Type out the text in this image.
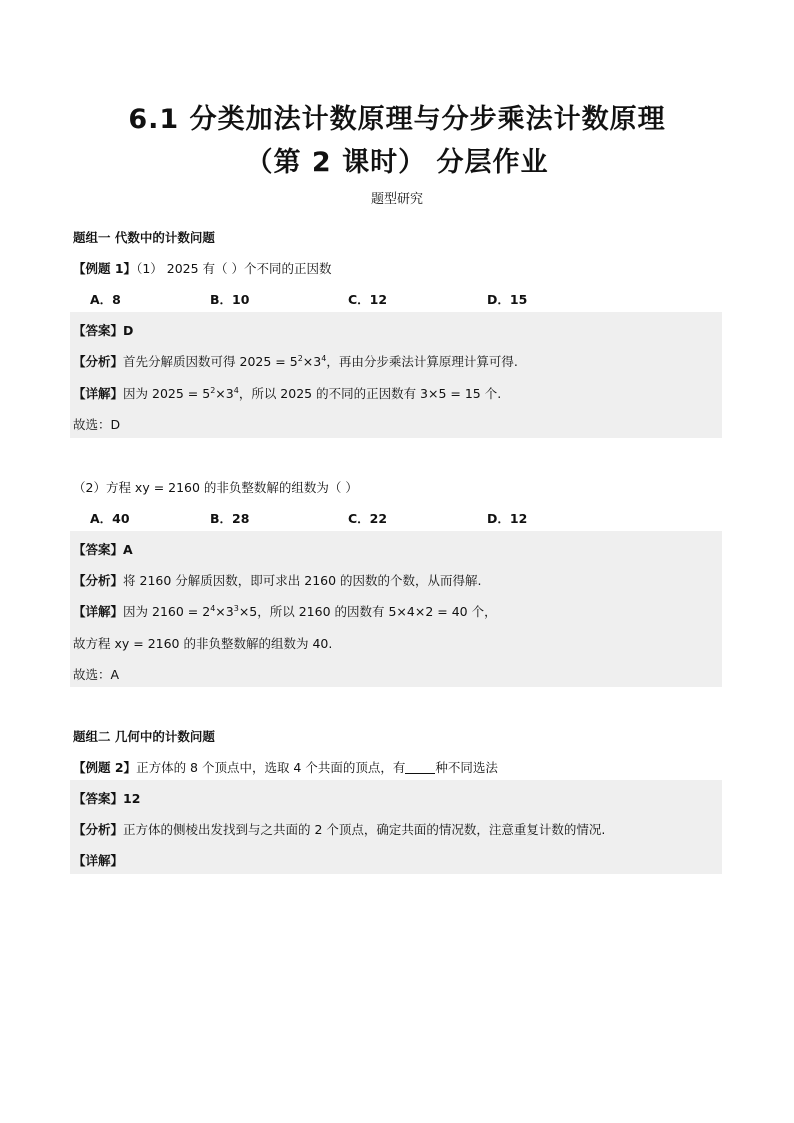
6.1 分类加法计数原理与分步乘法计数原理
（第 2 课时） 分层作业
题型研究
题组一 代数中的计数问题
【例题 1】（1） 2025 有（ ）个不同的正因数
A．8	B．10	C．12	D．15
【答案】D
【分析】首先分解质因数可得 $2025 = 5^2\times 3^4$，再由分步乘法计算原理计算可得.
【详解】因为 $2025 = 5^2\times 3^4$，所以 2025 的不同的正因数有 3×5 = 15 个.
故选：D
（2）方程 xy = 2160 的非负整数解的组数为（ ）
A．40	B．28	C．22	D．12
【答案】A
【分析】将 2160 分解质因数，即可求出 2160 的因数的个数，从而得解.
【详解】因为 $2160 = 2^4\times 3^3\times 5$，所以 2160 的因数有 5×4×2 = 40 个，
故方程 xy = 2160 的非负整数解的组数为 40.
故选：A
题组二 几何中的计数问题
【例题 2】正方体的 8 个顶点中，选取 4 个共面的顶点，有 种不同选法
【答案】12
【分析】正方体的侧棱出发找到与之共面的 2 个顶点，确定共面的情况数，注意重复计数的情况.
【详解】
